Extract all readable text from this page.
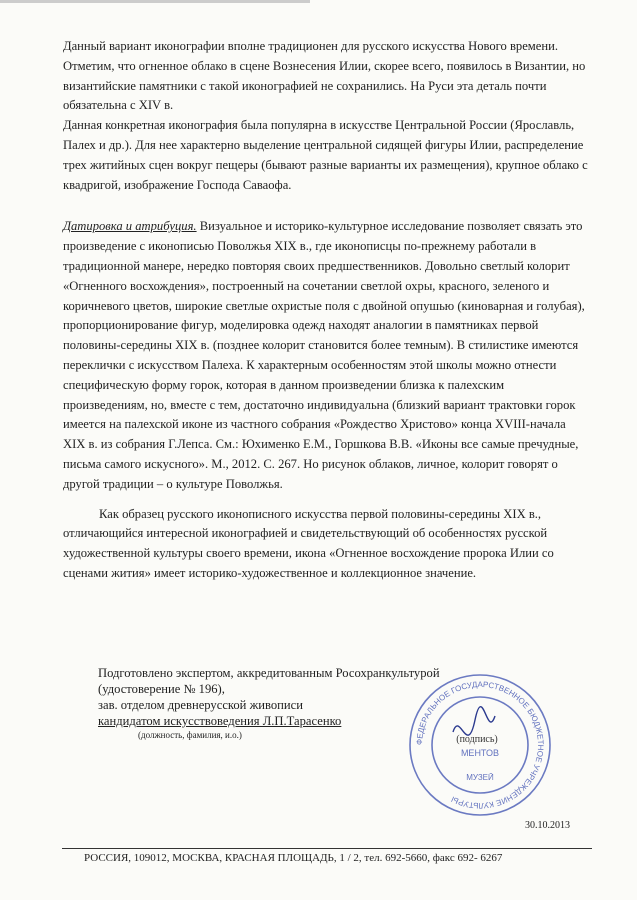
Данный вариант иконографии вполне традиционен для русского искусства Нового времени.
Отметим, что огненное облако в сцене Вознесения Илии, скорее всего, появилось в Византии, но
византийские памятники с такой иконографией не сохранились. На Руси эта деталь почти
обязательна с XIV в.

Данная конкретная иконография была популярна в искусстве Центральной России (Ярославль,
Палех и др.). Для нее характерно выделение центральной сидящей фигуры Илии, распределение
трех житийных сцен вокруг пещеры (бывают разные варианты их размещения), крупное облако с
квадригой, изображение Господа Саваофа.

Датировка и атрибуция. Визуальное и историко-культурное исследование позволяет связать это
произведение с иконописью Поволжья XIX в., где иконописцы по-прежнему работали в
традиционной манере, нередко повторяя своих предшественников. Довольно светлый колорит
«Огненного восхождения», построенный на сочетании светлой охры, красного, зеленого и
коричневого цветов, широкие светлые охристые поля с двойной опушью (киноварная и голубая),
пропорционирование фигур, моделировка одежд находят аналогии в памятниках первой
половины-середины XIX в. (позднее колорит становится более темным). В стилистике имеются
переклички с искусством Палеха. К характерным особенностям этой школы можно отнести
специфическую форму горок, которая в данном произведении близка к палехским
произведениям, но, вместе с тем, достаточно индивидуальна (близкий вариант трактовки горок
имеется на палехской иконе из частного собрания «Рождество Христово» конца XVIII-начала
XIX в. из собрания Г.Лепса. См.: Юхименко Е.М., Горшкова В.В. «Иконы все самые пречудные,
письма самого искусного». М., 2012. С. 267. Но рисунок облаков, личное, колорит говорят о
другой традиции – о культуре Поволжья.

Как образец русского иконописного искусства первой половины-середины XIX в.,
отличающийся интересной иконографией и свидетельствующий об особенностях русской
художественной культуры своего времени, икона «Огненное восхождение пророка Илии со
сценами жития» имеет историко-художественное и коллекционное значение.

Подготовлено экспертом, аккредитованным Росохранкультурой
(удостоверение № 196),
зав. отделом древнерусской живописи
кандидатом искусствоведения Л.П.Тарасенко
(должность, фамилия, и.о.)
ФЕДЕРАЛЬНОЕ ГОСУДАРСТВЕННОЕ БЮДЖЕТНОЕ УЧРЕЖДЕНИЕ КУЛЬТУРЫ
МЕНТОВ
МУЗЕЙ
(подпись)
30.10.2013
РОССИЯ, 109012, МОСКВА, КРАСНАЯ ПЛОЩАДЬ, 1 / 2, тел. 692-5660, факс 692- 6267
